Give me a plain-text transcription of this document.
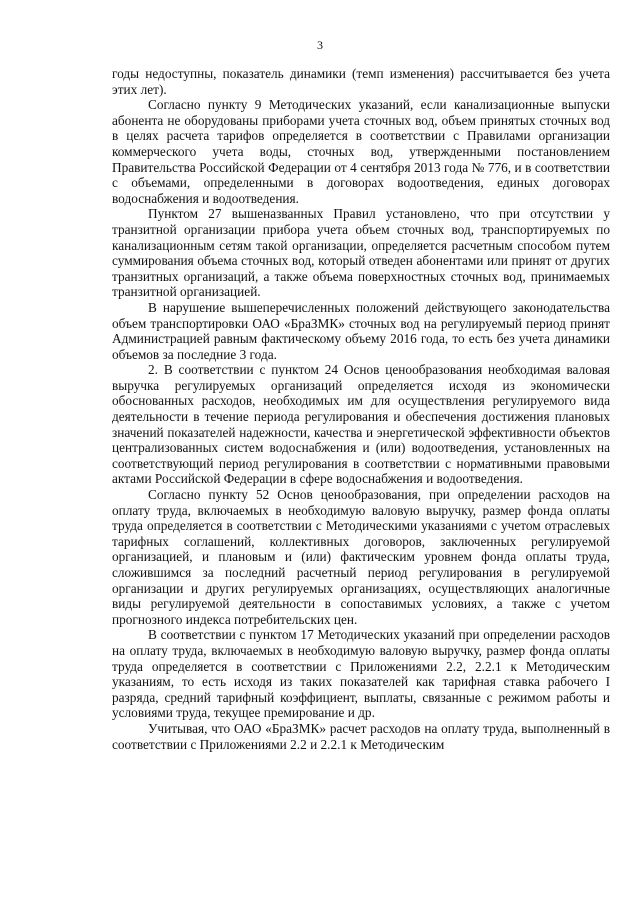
3

годы недоступны, показатель динамики (темп изменения) рассчитывается без учета этих лет).

Согласно пункту 9 Методических указаний, если канализационные выпуски абонента не оборудованы приборами учета сточных вод, объем принятых сточных вод в целях расчета тарифов определяется в соответствии с Правилами организации коммерческого учета воды, сточных вод, утвержденными постановлением Правительства Российской Федерации от 4 сентября 2013 года № 776, и в соответствии с объемами, определенными в договорах водоотведения, единых договорах водоснабжения и водоотведения.

Пунктом 27 вышеназванных Правил установлено, что при отсутствии у транзитной организации прибора учета объем сточных вод, транспортируемых по канализационным сетям такой организации, определяется расчетным способом путем суммирования объема сточных вод, который отведен абонентами или принят от других транзитных организаций, а также объема поверхностных сточных вод, принимаемых транзитной организацией.

В нарушение вышеперечисленных положений действующего законодательства объем транспортировки ОАО «БраЗМК» сточных вод на регулируемый период принят Администрацией равным фактическому объему 2016 года, то есть без учета динамики объемов за последние 3 года.

2. В соответствии с пунктом 24 Основ ценообразования необходимая валовая выручка регулируемых организаций определяется исходя из экономически обоснованных расходов, необходимых им для осуществления регулируемого вида деятельности в течение периода регулирования и обеспечения достижения плановых значений показателей надежности, качества и энергетической эффективности объектов централизованных систем водоснабжения и (или) водоотведения, установленных на соответствующий период регулирования в соответствии с нормативными правовыми актами Российской Федерации в сфере водоснабжения и водоотведения.

Согласно пункту 52 Основ ценообразования, при определении расходов на оплату труда, включаемых в необходимую валовую выручку, размер фонда оплаты труда определяется в соответствии с Методическими указаниями с учетом отраслевых тарифных соглашений, коллективных договоров, заключенных регулируемой организацией, и плановым и (или) фактическим уровнем фонда оплаты труда, сложившимся за последний расчетный период регулирования в регулируемой организации и других регулируемых организациях, осуществляющих аналогичные виды регулируемой деятельности в сопоставимых условиях, а также с учетом прогнозного индекса потребительских цен.

В соответствии с пунктом 17 Методических указаний при определении расходов на оплату труда, включаемых в необходимую валовую выручку, размер фонда оплаты труда определяется в соответствии с Приложениями 2.2, 2.2.1 к Методическим указаниям, то есть исходя из таких показателей как тарифная ставка рабочего I разряда, средний тарифный коэффициент, выплаты, связанные с режимом работы и условиями труда, текущее премирование и др.

Учитывая, что ОАО «БраЗМК» расчет расходов на оплату труда, выполненный в соответствии с Приложениями 2.2 и 2.2.1 к Методическим
